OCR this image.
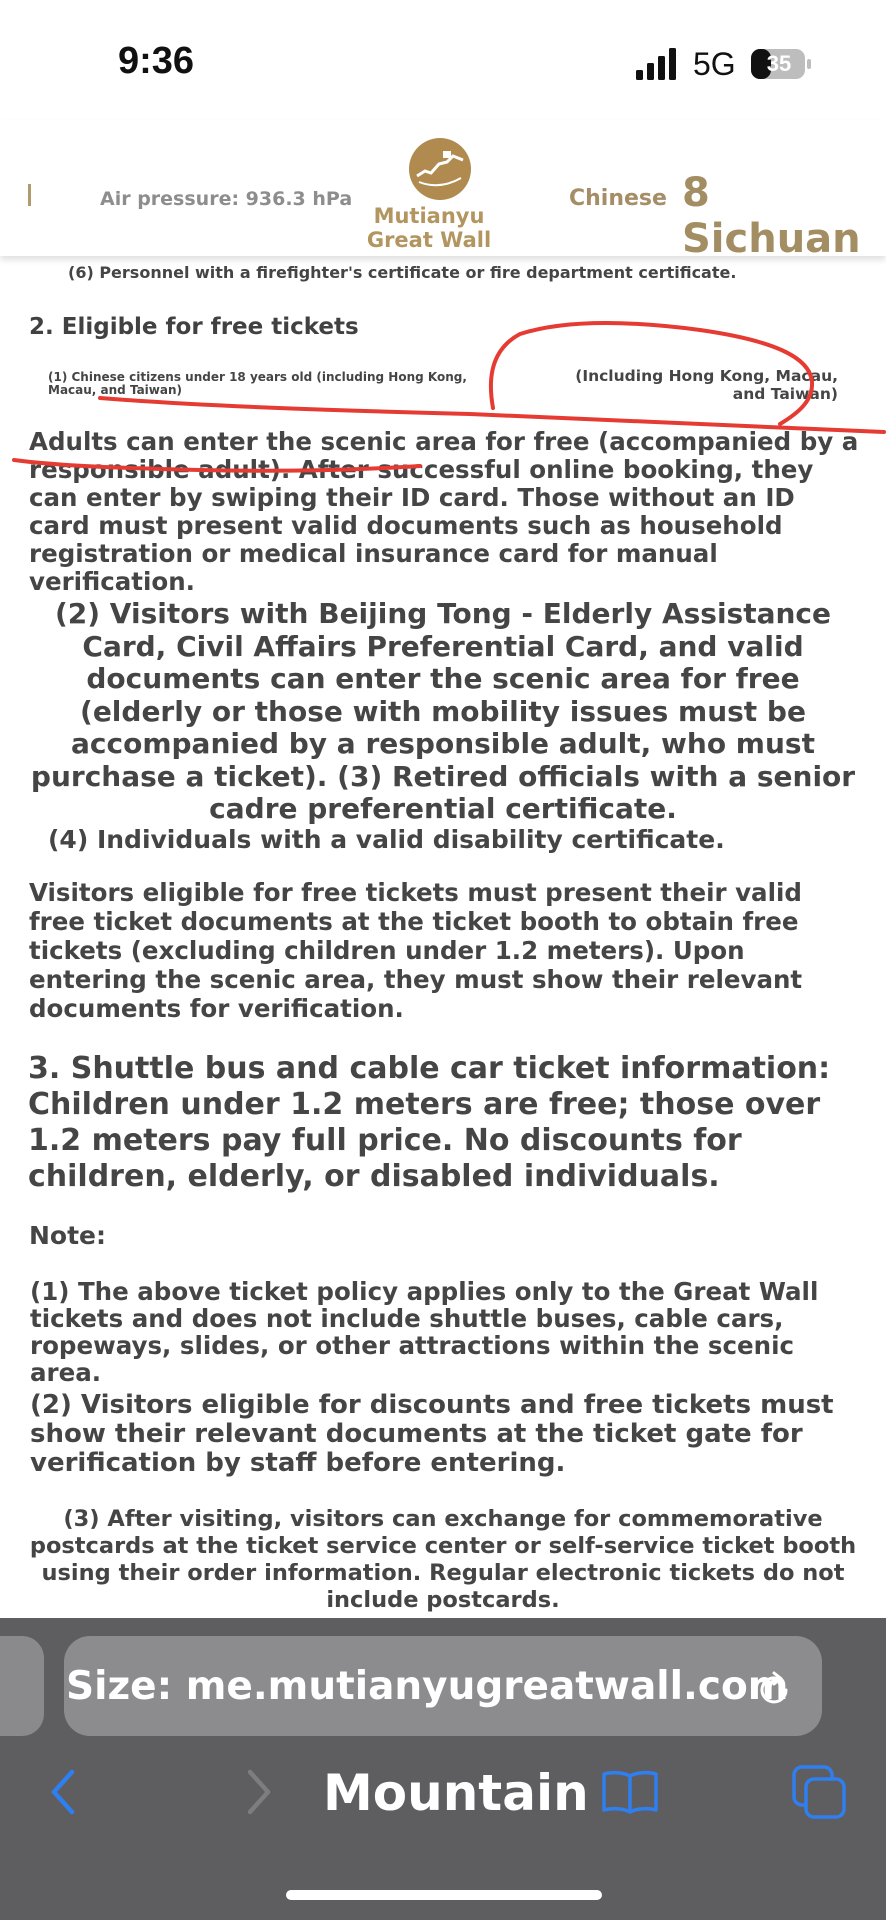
9:36	5G	35
Air pressure: 936.3 hPa
Mutianyu Great Wall
Chinese 8 Sichuan
(6) Personnel with a firefighter's certificate or fire department certificate.
2. Eligible for free tickets
(1) Chinese citizens under 18 years old (including Hong Kong, Macau, and Taiwan)
(Including Hong Kong, Macau, and Taiwan)
Adults can enter the scenic area for free (accompanied by a responsible adult). After successful online booking, they can enter by swiping their ID card. Those without an ID card must present valid documents such as household registration or medical insurance card for manual verification.
(2) Visitors with Beijing Tong - Elderly Assistance Card, Civil Affairs Preferential Card, and valid documents can enter the scenic area for free (elderly or those with mobility issues must be accompanied by a responsible adult, who must purchase a ticket). (3) Retired officials with a senior cadre preferential certificate.
(4) Individuals with a valid disability certificate.
Visitors eligible for free tickets must present their valid free ticket documents at the ticket booth to obtain free tickets (excluding children under 1.2 meters). Upon entering the scenic area, they must show their relevant documents for verification.
3. Shuttle bus and cable car ticket information: Children under 1.2 meters are free; those over 1.2 meters pay full price. No discounts for children, elderly, or disabled individuals.
Note:
(1) The above ticket policy applies only to the Great Wall tickets and does not include shuttle buses, cable cars, ropeways, slides, or other attractions within the scenic area.
(2) Visitors eligible for discounts and free tickets must show their relevant documents at the ticket gate for verification by staff before entering.
(3) After visiting, visitors can exchange for commemorative postcards at the ticket service center or self-service ticket booth using their order information. Regular electronic tickets do not include postcards.
Size: me.mutianyugreatwall.com
Mountain
